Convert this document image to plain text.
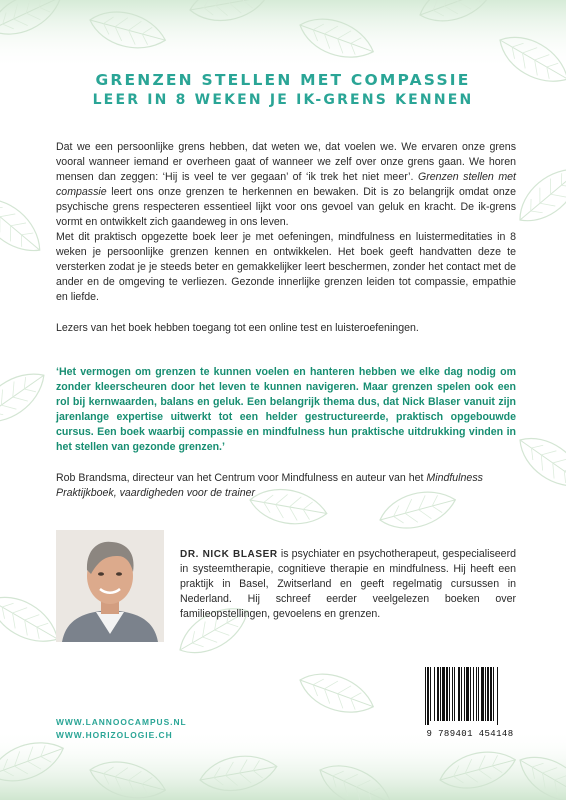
GRENZEN STELLEN MET COMPASSIE
LEER IN 8 WEKEN JE IK-GRENS KENNEN

Dat we een persoonlijke grens hebben, dat weten we, dat voelen we. We ervaren onze grens vooral wanneer iemand er overheen gaat of wanneer we zelf over onze grens gaan. We horen mensen dan zeggen: ‘Hij is veel te ver gegaan’ of ‘ik trek het niet meer’. Grenzen stellen met compassie leert ons onze grenzen te herkennen en bewaken. Dit is zo belangrijk omdat onze psychische grens respecteren essentieel lijkt voor ons gevoel van geluk en kracht. De ik-grens vormt en ontwikkelt zich gaandeweg in ons leven.

Met dit praktisch opgezette boek leer je met oefeningen, mindfulness en luistermeditaties in 8 weken je persoonlijke grenzen kennen en ontwikkelen. Het boek geeft handvatten deze te versterken zodat je je steeds beter en gemakkelijker leert beschermen, zonder het contact met de ander en de omgeving te verliezen. Gezonde innerlijke grenzen leiden tot compassie, empathie en liefde.

Lezers van het boek hebben toegang tot een online test en luisteroefeningen.

‘Het vermogen om grenzen te kunnen voelen en hanteren hebben we elke dag nodig om zonder kleerscheuren door het leven te kunnen navigeren. Maar grenzen spelen ook een rol bij kernwaarden, balans en geluk. Een belangrijk thema dus, dat Nick Blaser vanuit zijn jarenlange expertise uitwerkt tot een helder gestructureerde, praktisch opgebouwde cursus. Een boek waarbij compassie en mindfulness hun praktische uitdrukking vinden in het stellen van gezonde grenzen.’

Rob Brandsma, directeur van het Centrum voor Mindfulness en auteur van het Mindfulness Praktijkboek, vaardigheden voor de trainer
DR. NICK BLASER is psychiater en psychotherapeut, gespecialiseerd in systeemtherapie, cognitieve therapie en mindfulness. Hij heeft een praktijk in Basel, Zwitserland en geeft regelmatig cursussen in Nederland. Hij schreef eerder veelgelezen boeken over familieopstellingen, gevoelens en grenzen.
9 789401 454148
WWW.LANNOOCAMPUS.NL
WWW.HORIZOLOGIE.CH
